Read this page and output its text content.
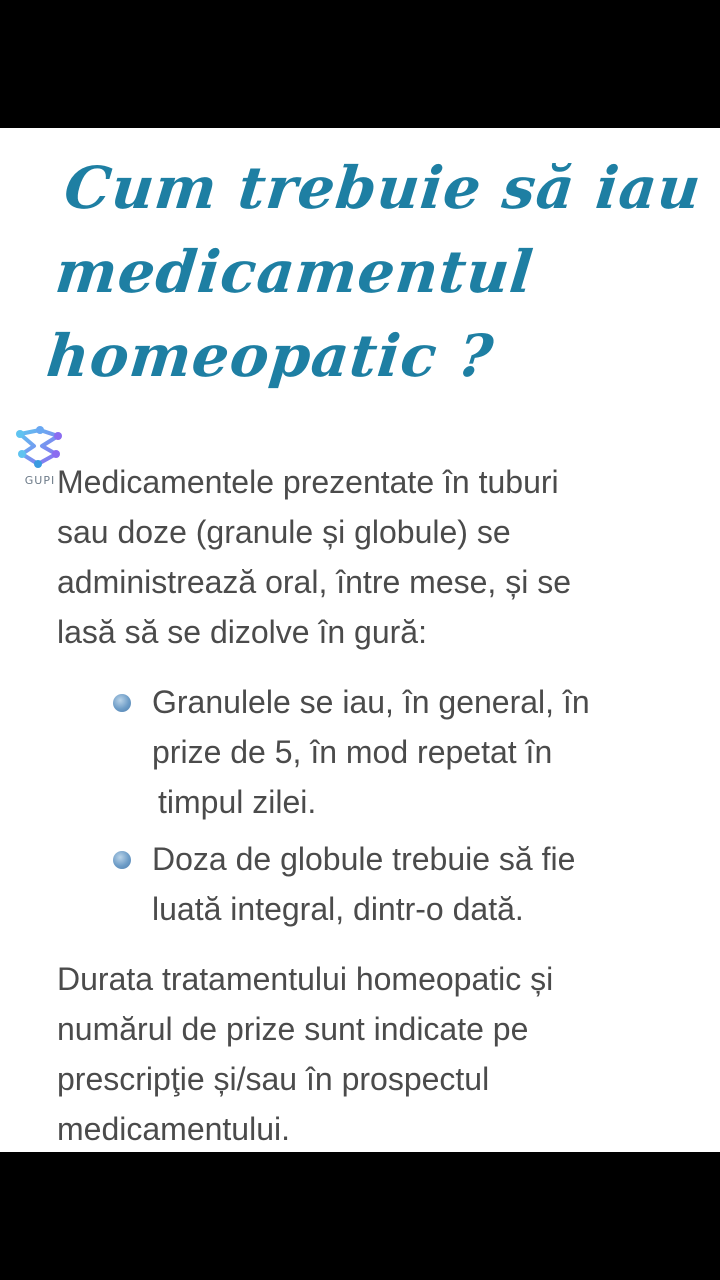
Cum trebuie să iau
medicamentul
homeopatic ?
GUPI Medicamentele prezentate în tuburi
sau doze (granule și globule) se
administrează oral, între mese, și se
lasă să se dizolve în gură:

Granulele se iau, în general, în
prize de 5, în mod repetat în
timpul zilei.
Doza de globule trebuie să fie
luată integral, dintr-o dată.

Durata tratamentului homeopatic și
numărul de prize sunt indicate pe
prescripţie și/sau în prospectul
medicamentului.
